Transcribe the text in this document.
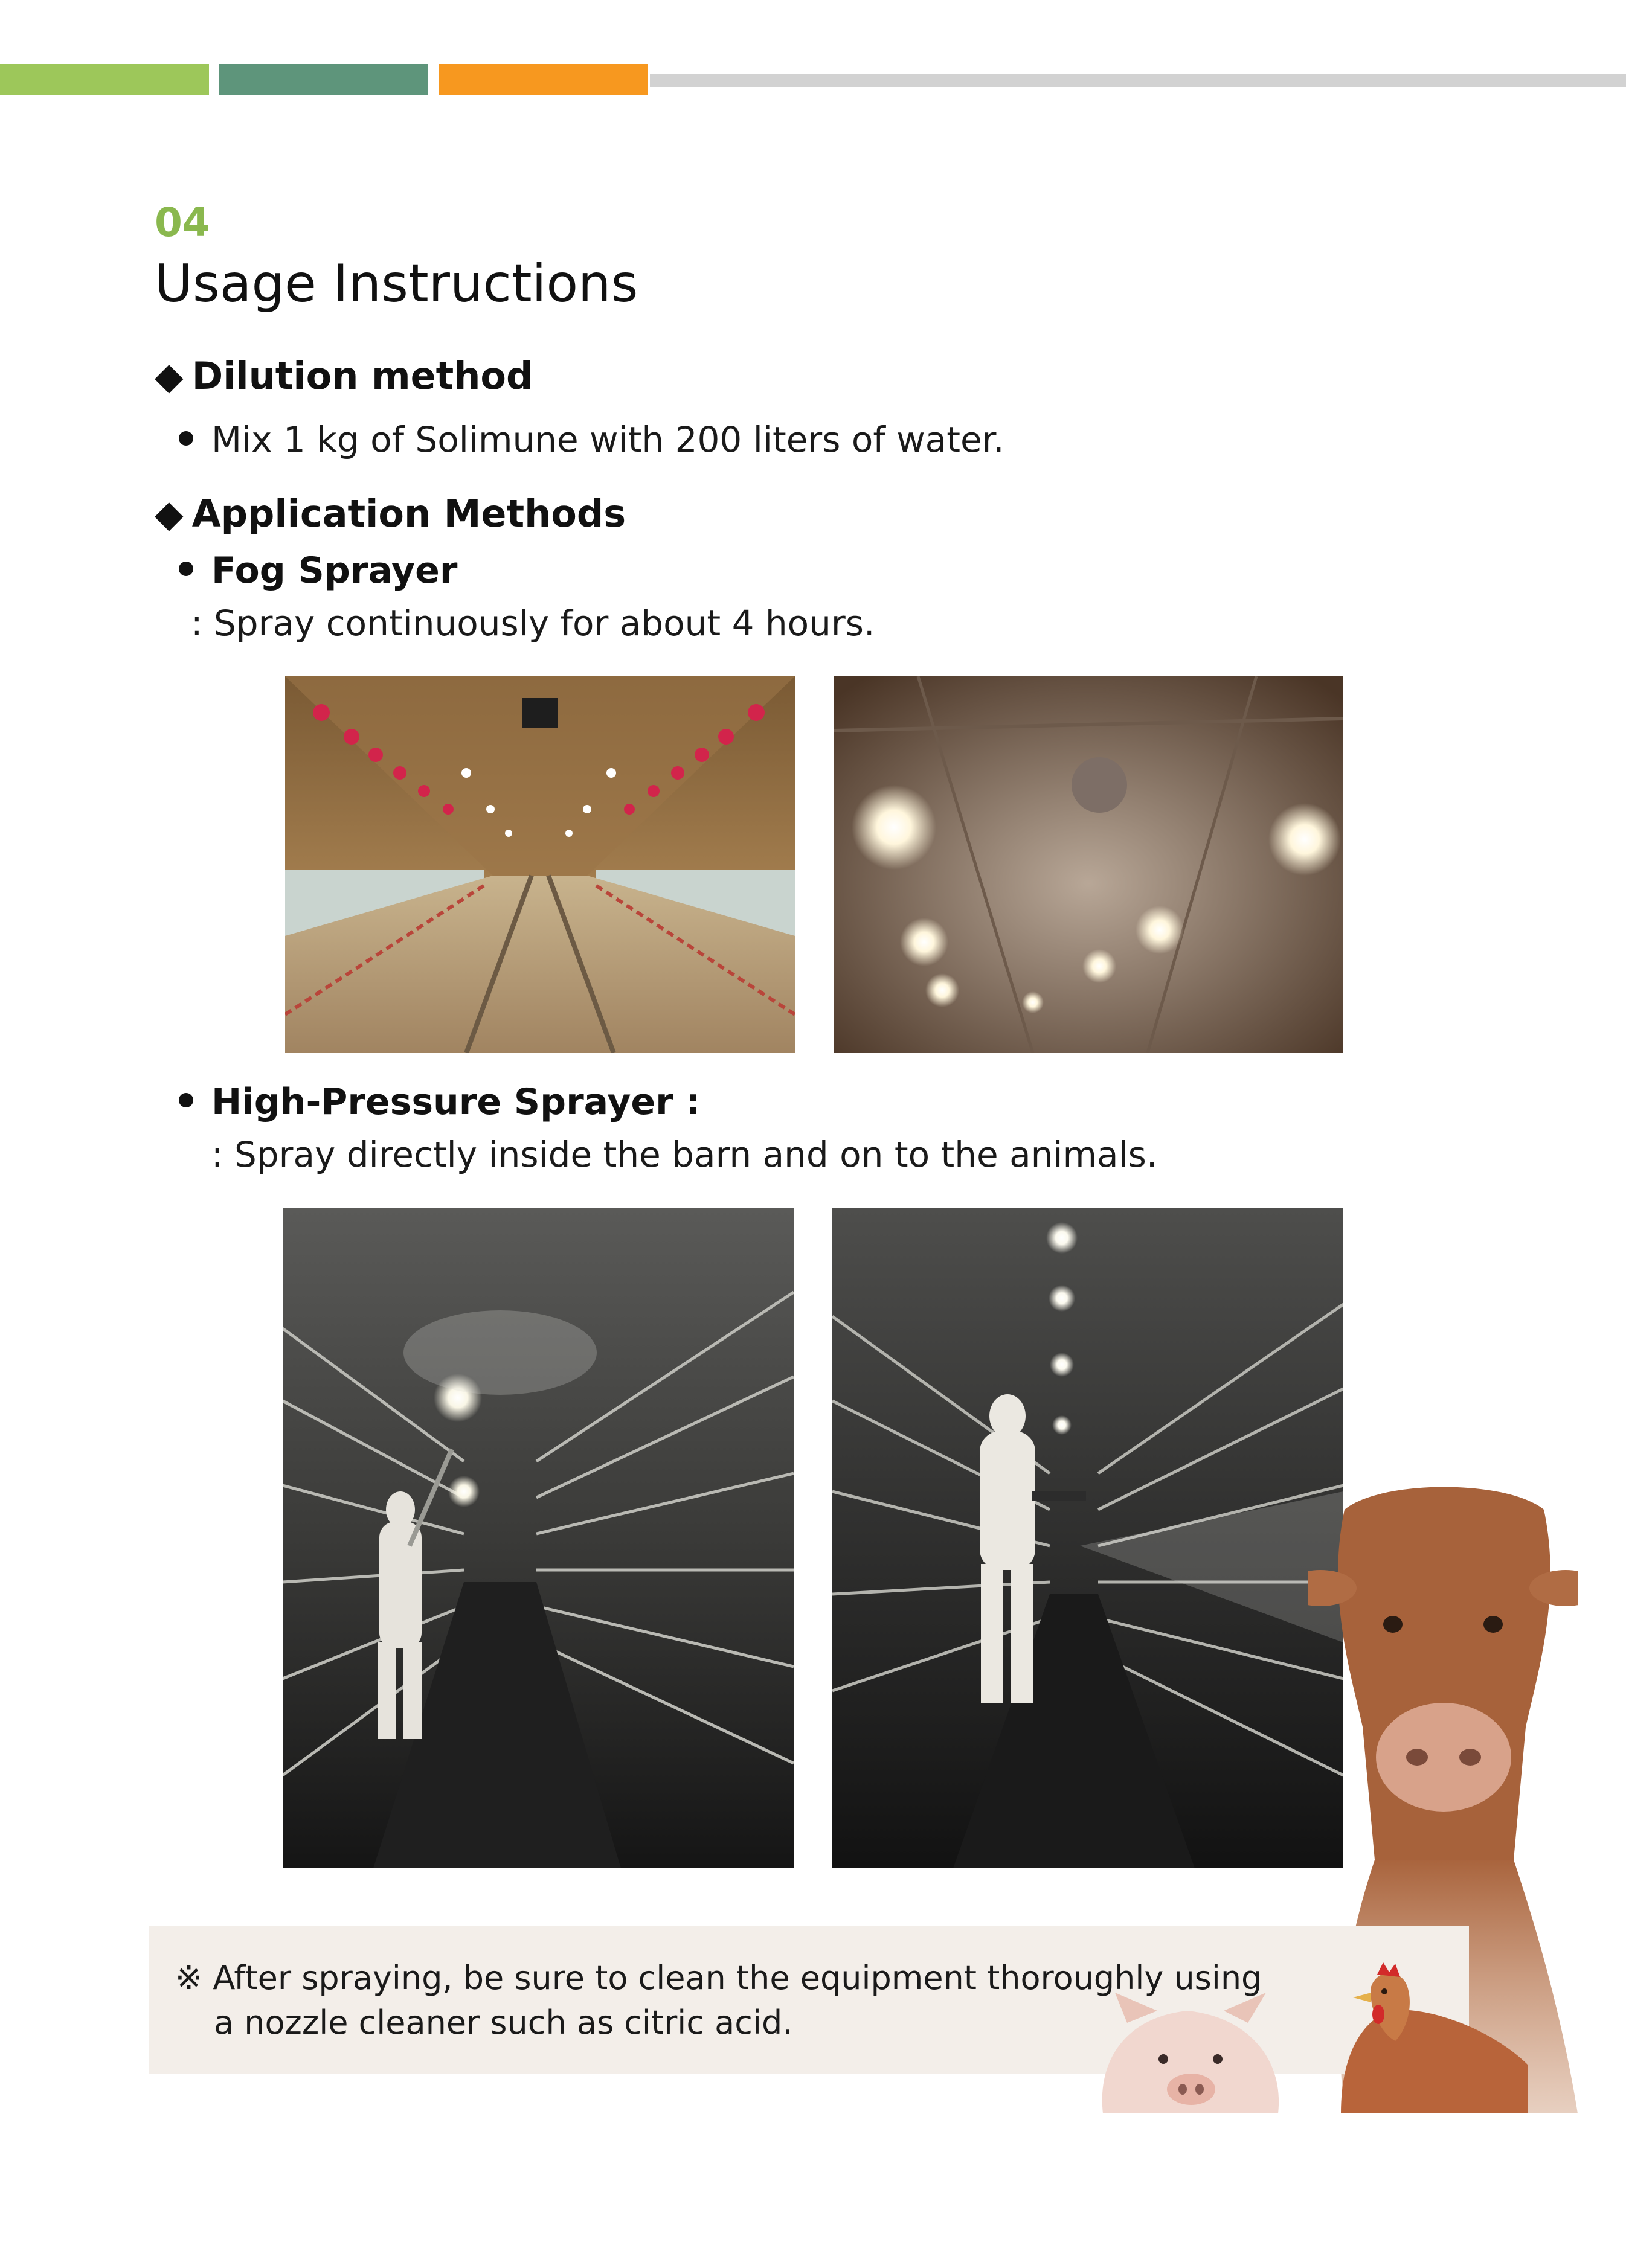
04
Usage Instructions
◆ Dilution method
Mix 1 kg of Solimune with 200 liters of water.
◆ Application Methods
Fog Sprayer
: Spray continuously for about 4 hours.
High-Pressure Sprayer :
: Spray directly inside the barn and on to the animals.
※ After spraying, be sure to clean the equipment thoroughly using
a nozzle cleaner such as citric acid.
